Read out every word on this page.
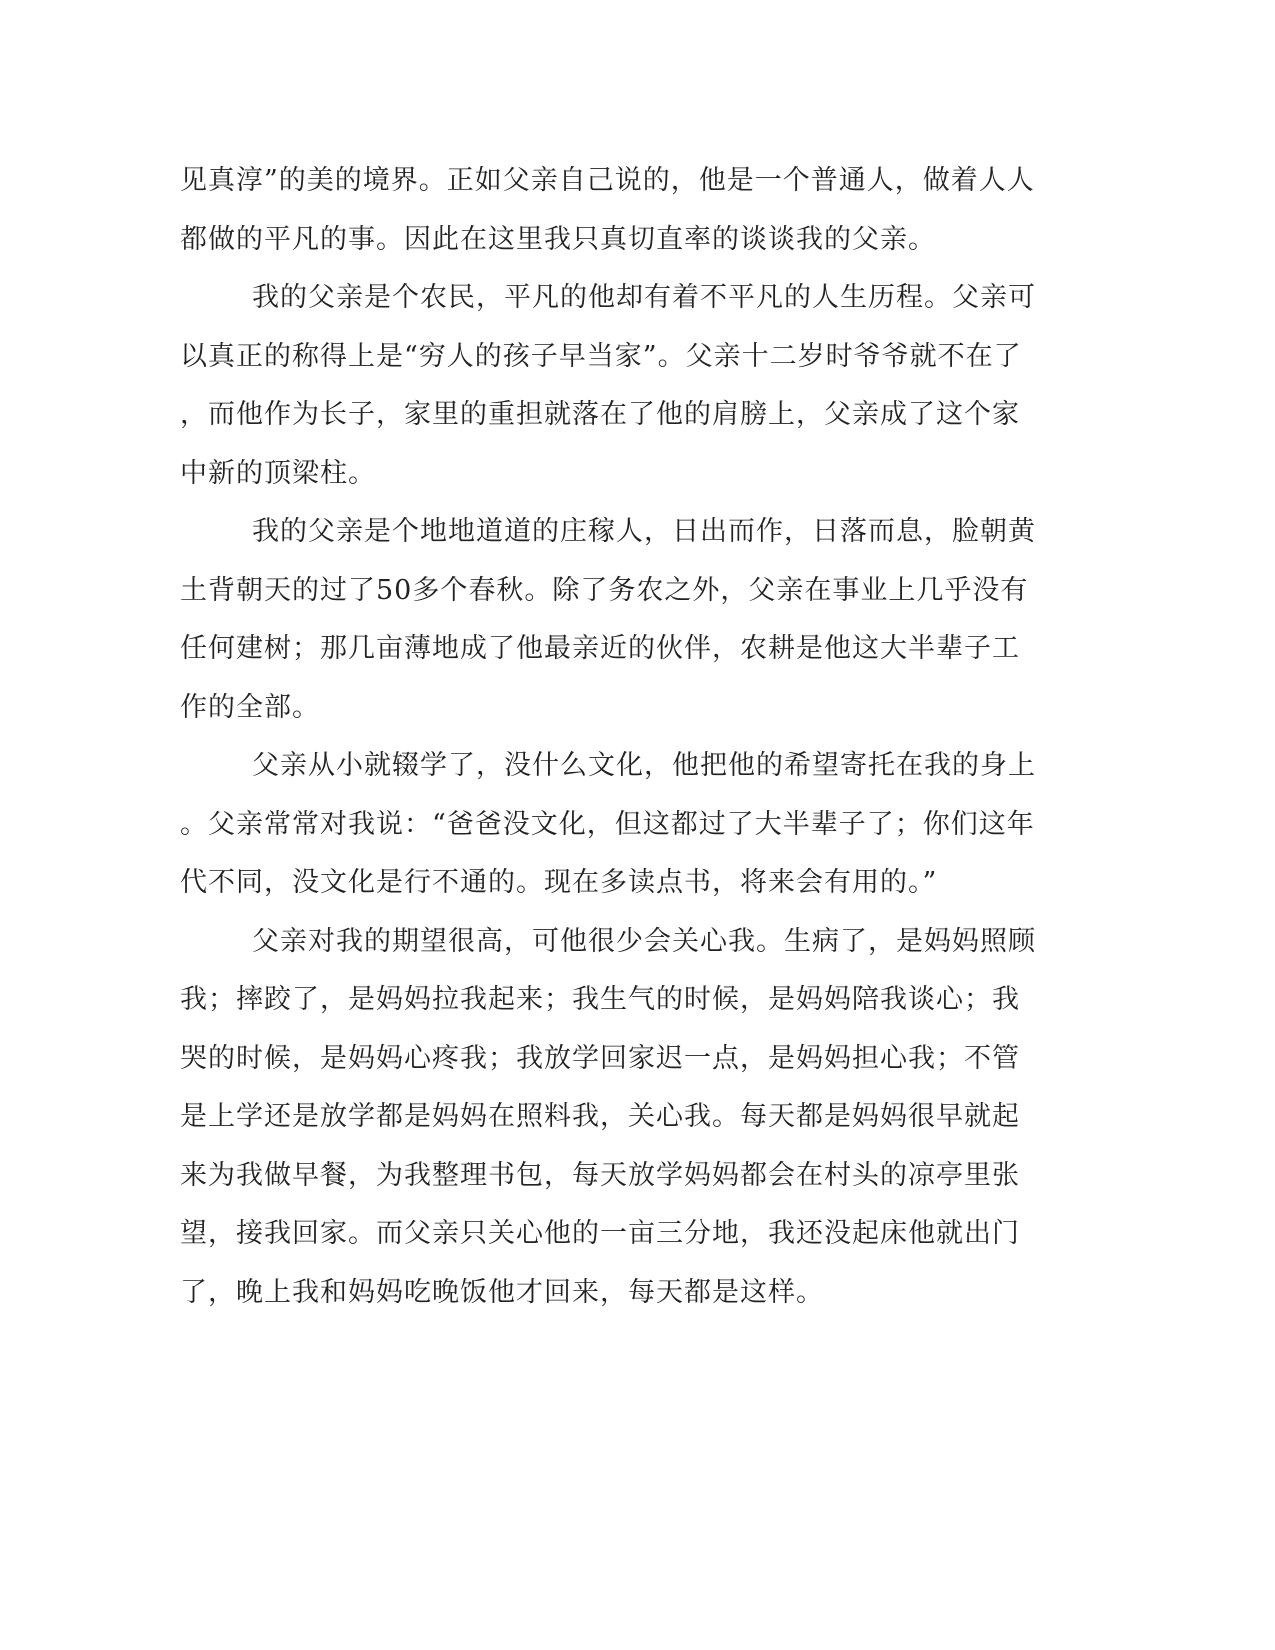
见真淳”的美的境界。正如父亲自己说的，他是一个普通人，做着人人
都做的平凡的事。因此在这里我只真切直率的谈谈我的父亲。
我的父亲是个农民，平凡的他却有着不平凡的人生历程。父亲可
以真正的称得上是“穷人的孩子早当家”。父亲十二岁时爷爷就不在了
，而他作为长子，家里的重担就落在了他的肩膀上，父亲成了这个家
中新的顶梁柱。
我的父亲是个地地道道的庄稼人，日出而作，日落而息，脸朝黄
土背朝天的过了50多个春秋。除了务农之外，父亲在事业上几乎没有
任何建树；那几亩薄地成了他最亲近的伙伴，农耕是他这大半辈子工
作的全部。
父亲从小就辍学了，没什么文化，他把他的希望寄托在我的身上
。父亲常常对我说：“爸爸没文化，但这都过了大半辈子了；你们这年
代不同，没文化是行不通的。现在多读点书，将来会有用的。”
父亲对我的期望很高，可他很少会关心我。生病了，是妈妈照顾
我；摔跤了，是妈妈拉我起来；我生气的时候，是妈妈陪我谈心；我
哭的时候，是妈妈心疼我；我放学回家迟一点，是妈妈担心我；不管
是上学还是放学都是妈妈在照料我，关心我。每天都是妈妈很早就起
来为我做早餐，为我整理书包，每天放学妈妈都会在村头的凉亭里张
望，接我回家。而父亲只关心他的一亩三分地，我还没起床他就出门
了，晚上我和妈妈吃晚饭他才回来，每天都是这样。
